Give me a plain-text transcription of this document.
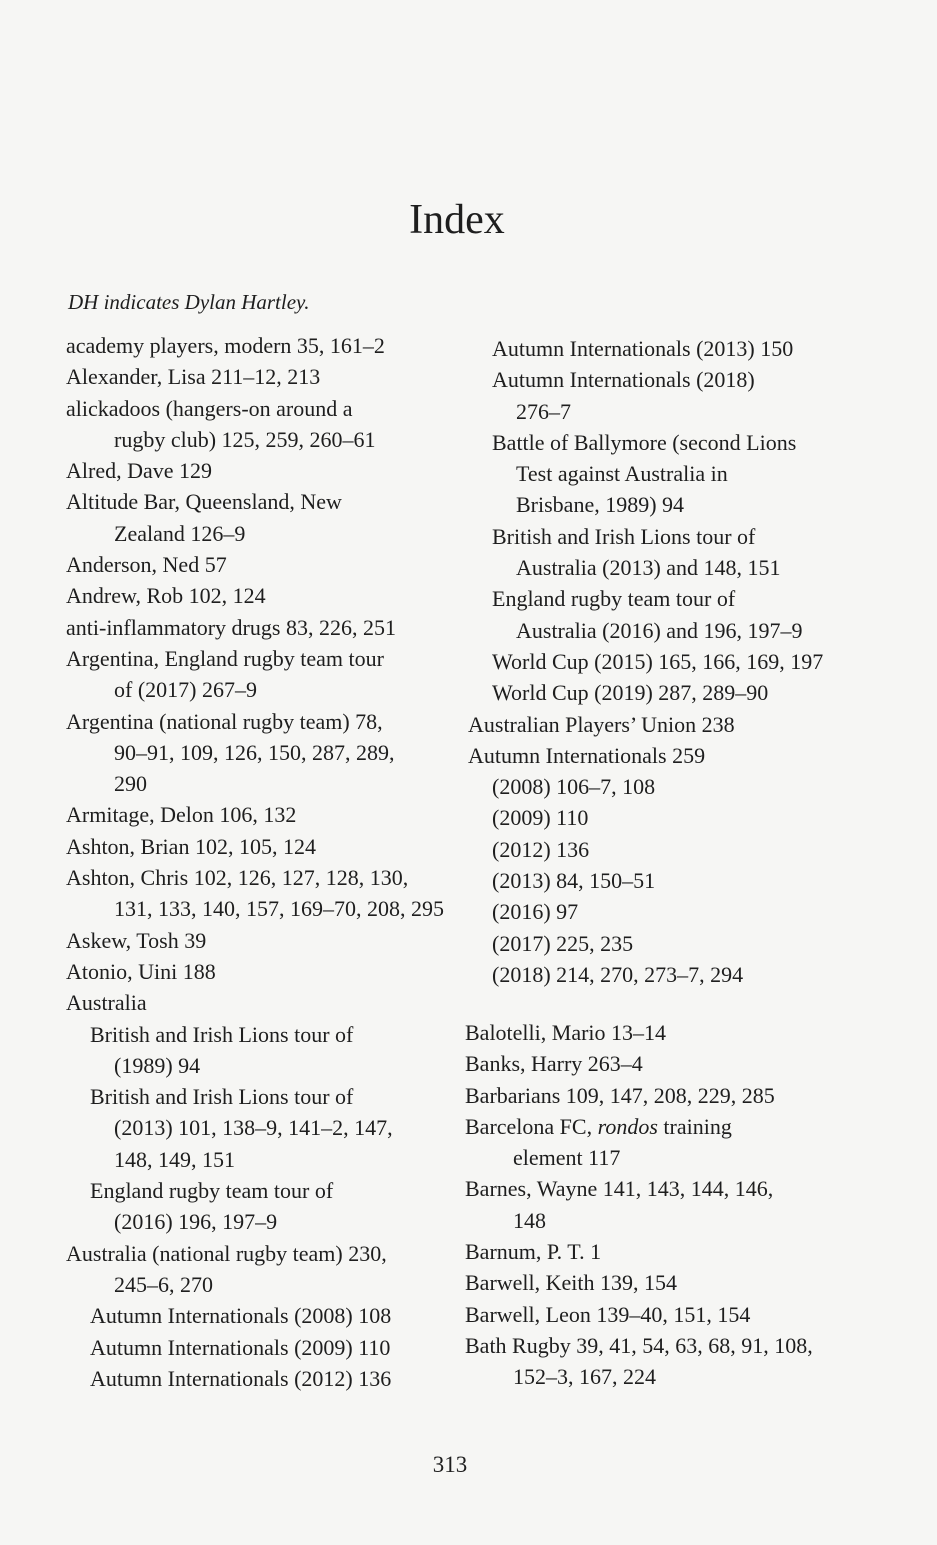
Index
DH indicates Dylan Hartley.
academy players, modern 35, 161–2
Alexander, Lisa 211–12, 213
alickadoos (hangers-on around a
rugby club) 125, 259, 260–61
Alred, Dave 129
Altitude Bar, Queensland, New
Zealand 126–9
Anderson, Ned 57
Andrew, Rob 102, 124
anti-inflammatory drugs 83, 226, 251
Argentina, England rugby team tour
of (2017) 267–9
Argentina (national rugby team) 78,
90–91, 109, 126, 150, 287, 289,
290
Armitage, Delon 106, 132
Ashton, Brian 102, 105, 124
Ashton, Chris 102, 126, 127, 128, 130,
131, 133, 140, 157, 169–70, 208, 295
Askew, Tosh 39
Atonio, Uini 188
Australia
British and Irish Lions tour of
(1989) 94
British and Irish Lions tour of
(2013) 101, 138–9, 141–2, 147,
148, 149, 151
England rugby team tour of
(2016) 196, 197–9
Australia (national rugby team) 230,
245–6, 270
Autumn Internationals (2008) 108
Autumn Internationals (2009) 110
Autumn Internationals (2012) 136
Autumn Internationals (2013) 150
Autumn Internationals (2018)
276–7
Battle of Ballymore (second Lions
Test against Australia in
Brisbane, 1989) 94
British and Irish Lions tour of
Australia (2013) and 148, 151
England rugby team tour of
Australia (2016) and 196, 197–9
World Cup (2015) 165, 166, 169, 197
World Cup (2019) 287, 289–90
Australian Players’ Union 238
Autumn Internationals 259
(2008) 106–7, 108
(2009) 110
(2012) 136
(2013) 84, 150–51
(2016) 97
(2017) 225, 235
(2018) 214, 270, 273–7, 294
Balotelli, Mario 13–14
Banks, Harry 263–4
Barbarians 109, 147, 208, 229, 285
Barcelona FC, rondos training
element 117
Barnes, Wayne 141, 143, 144, 146,
148
Barnum, P. T. 1
Barwell, Keith 139, 154
Barwell, Leon 139–40, 151, 154
Bath Rugby 39, 41, 54, 63, 68, 91, 108,
152–3, 167, 224
313
